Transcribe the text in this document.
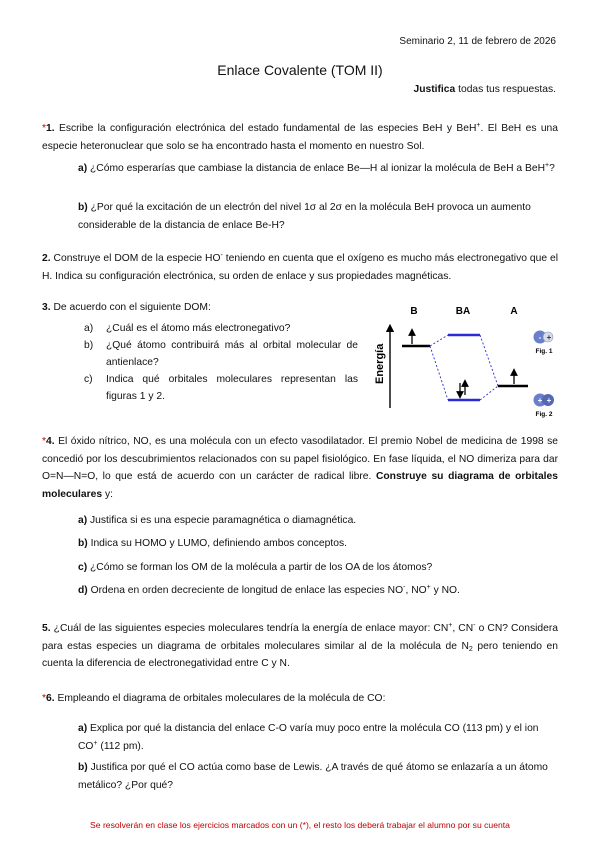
Seminario 2, 11 de febrero de 2026
Enlace Covalente (TOM II)
Justifica todas tus respuestas.
*1. Escribe la configuración electrónica del estado fundamental de las especies BeH y BeH+. El BeH es una especie heteronuclear que solo se ha encontrado hasta el momento en nuestro Sol.
a) ¿Cómo esperarías que cambiase la distancia de enlace Be—H al ionizar la molécula de BeH a BeH+?
b) ¿Por qué la excitación de un electrón del nivel 1σ al 2σ en la molécula BeH provoca un aumento considerable de la distancia de enlace Be-H?
2. Construye el DOM de la especie HO- teniendo en cuenta que el oxígeno es mucho más electronegativo que el H. Indica su configuración electrónica, su orden de enlace y sus propiedades magnéticas.
3. De acuerdo con el siguiente DOM:
a)	¿Cuál es el átomo más electronegativo?
b)	¿Qué átomo contribuirá más al orbital molecular de antienlace?
c)	Indica qué orbitales moleculares representan las figuras 1 y 2.
B	BA	A
Energía
- +
Fig. 1
+ +
Fig. 2
*4. El óxido nítrico, NO, es una molécula con un efecto vasodilatador. El premio Nobel de medicina de 1998 se concedió por los descubrimientos relacionados con su papel fisiológico. En fase líquida, el NO dimeriza para dar O=N—N=O, lo que está de acuerdo con un carácter de radical libre. Construye su diagrama de orbitales moleculares y:
a) Justifica si es una especie paramagnética o diamagnética.
b) Indica su HOMO y LUMO, definiendo ambos conceptos.
c) ¿Cómo se forman los OM de la molécula a partir de los OA de los átomos?
d) Ordena en orden decreciente de longitud de enlace las especies NO-, NO+ y NO.
5. ¿Cuál de las siguientes especies moleculares tendría la energía de enlace mayor: CN+, CN- o CN? Considera para estas especies un diagrama de orbitales moleculares similar al de la molécula de $N_2$ pero teniendo en cuenta la diferencia de electronegatividad entre C y N.
*6. Empleando el diagrama de orbitales moleculares de la molécula de CO:
a) Explica por qué la distancia del enlace C-O varía muy poco entre la molécula CO (113 pm) y el ion CO+ (112 pm).
b) Justifica por qué el CO actúa como base de Lewis. ¿A través de qué átomo se enlazaría a un átomo metálico? ¿Por qué?
Se resolverán en clase los ejercicios marcados con un (*), el resto los deberá trabajar el alumno por su cuenta
